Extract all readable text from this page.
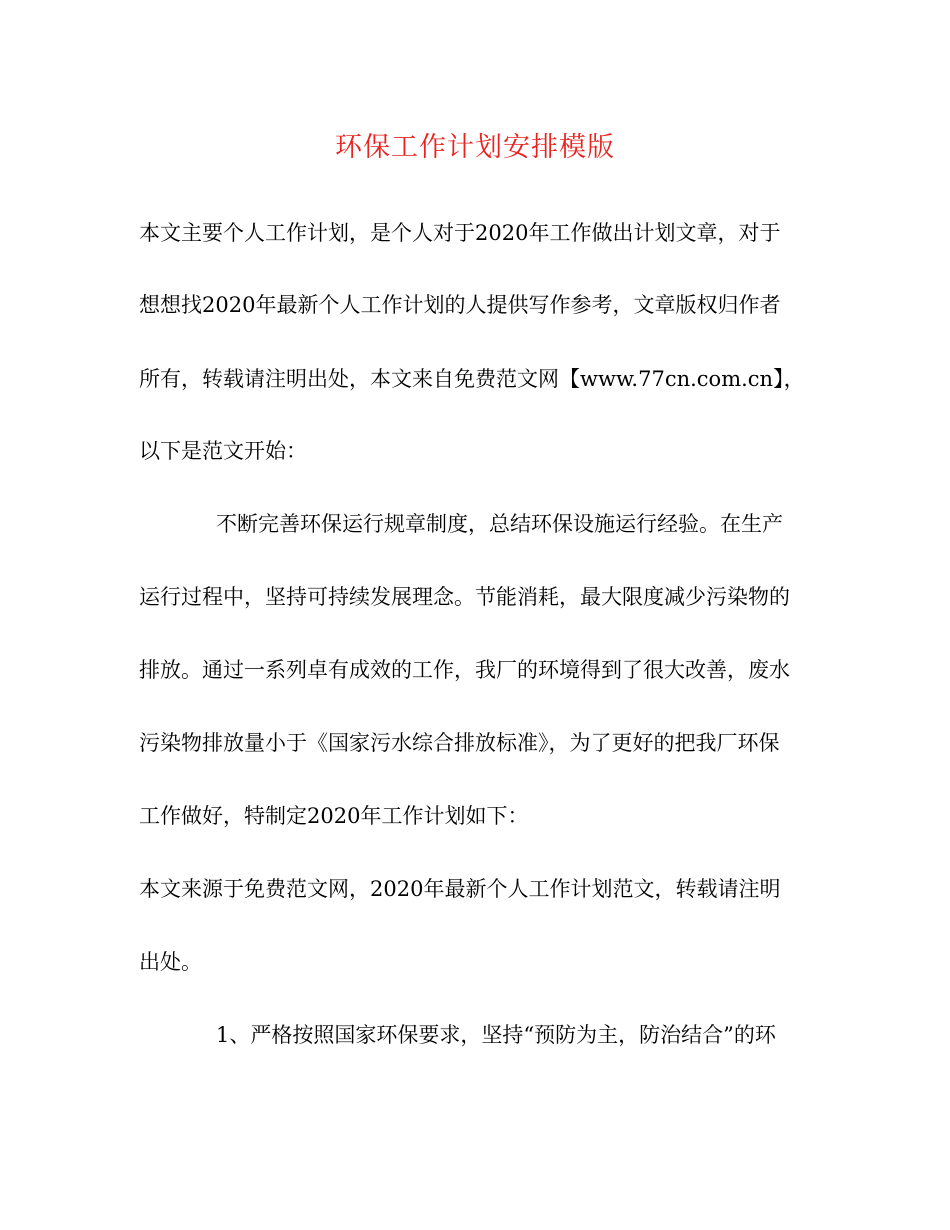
环保工作计划安排模版
本文主要个人工作计划，是个人对于2020年工作做出计划文章，对于
想想找2020年最新个人工作计划的人提供写作参考，文章版权归作者
所有，转载请注明出处，本文来自免费范文网【www.77cn.com.cn】，
以下是范文开始：
不断完善环保运行规章制度，总结环保设施运行经验。在生产
运行过程中，坚持可持续发展理念。节能消耗，最大限度减少污染物的
排放。通过一系列卓有成效的工作，我厂的环境得到了很大改善，废水
污染物排放量小于《国家污水综合排放标准》，为了更好的把我厂环保
工作做好，特制定2020年工作计划如下：
本文来源于免费范文网，2020年最新个人工作计划范文，转载请注明
出处。
1、严格按照国家环保要求，坚持“预防为主，防治结合”的环
